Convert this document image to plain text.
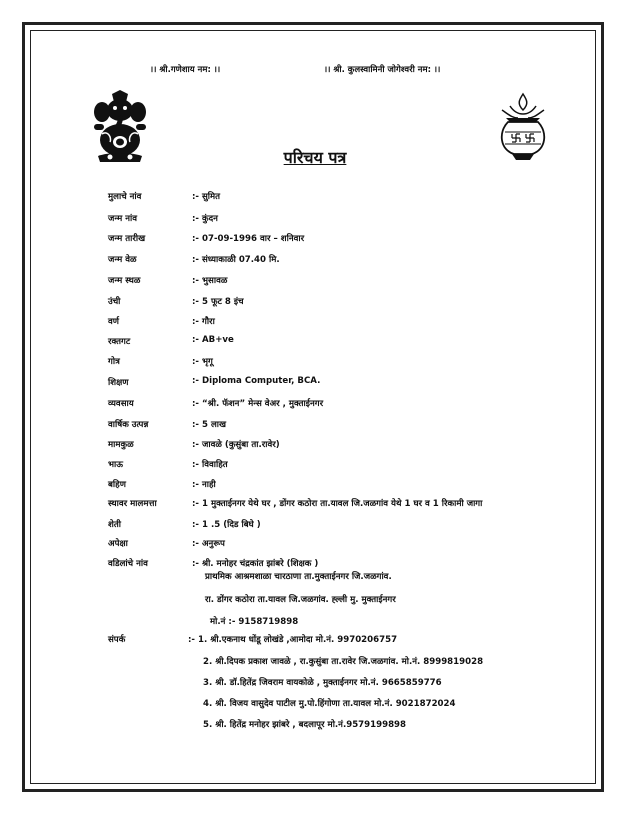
।। श्री.गणेशाय नम: ।।	।। श्री. कुलस्वामिनी जोगेश्वरी नम: ।।
परिचय पत्र
मुलाचे नांव	:- सुमित
जन्म नांव	:- कुंदन
जन्म तारीख	:- 07-09-1996 वार – शनिवार
जन्म वेळ	:- संध्याकाळी 07.40 मि.
जन्म स्थळ	:- भुसावळ
उंची	:- 5 फूट 8 इंच
वर्ण	:- गौरा
रक्तगट	:- AB+ve
गोत्र	:- भृगू
शिक्षण	:- Diploma Computer, BCA.
व्यवसाय	:- “श्री. फॅशन” मेन्स वेअर , मुक्ताईनगर
वार्षिक उत्पन्न	:- 5 लाख
मामकुळ	:- जावळे (कुसुंबा ता.रावेर)
भाऊ	:- विवाहित
बहिण	:- नाही
स्थावर मालमत्ता	:- 1 मुक्ताईनगर येथे घर , डोंगर कठोरा ता.यावल जि.जळगांव येथे 1 घर व 1 रिकामी जागा
शेती	:- 1 .5 (दिड बिघे )
अपेक्षा	:- अनुरूप
वडिलांचे नांव	:- श्री. मनोहर चंद्रकांत झांबरे (शिक्षक )
प्राथमिक आश्रमशाळा चारठाणा ता.मुक्ताईनगर जि.जळगांव.
रा. डोंगर कठोरा ता.यावल जि.जळगांव. ह्ल्ली मु. मुक्ताईनगर
मो.नं :- 9158719898
संपर्क	:- 1. श्री.एकनाथ धोंडू लोखंडे ,आमोदा मो.नं. 9970206757
2. श्री.दिपक प्रकाश जावळे , रा.कुसुंबा ता.रावेर जि.जळगांव. मो.नं. 8999819028
3. श्री. डॉ.हितेंद्र जिवराम वायकोळे , मुक्ताईनगर मो.नं. 9665859776
4. श्री. विजय वासुदेव पाटील मु.पो.हिंगोणा ता.यावल मो.नं. 9021872024
5. श्री. हितेंद्र मनोहर झांबरे , बदलापूर मो.नं.9579199898
